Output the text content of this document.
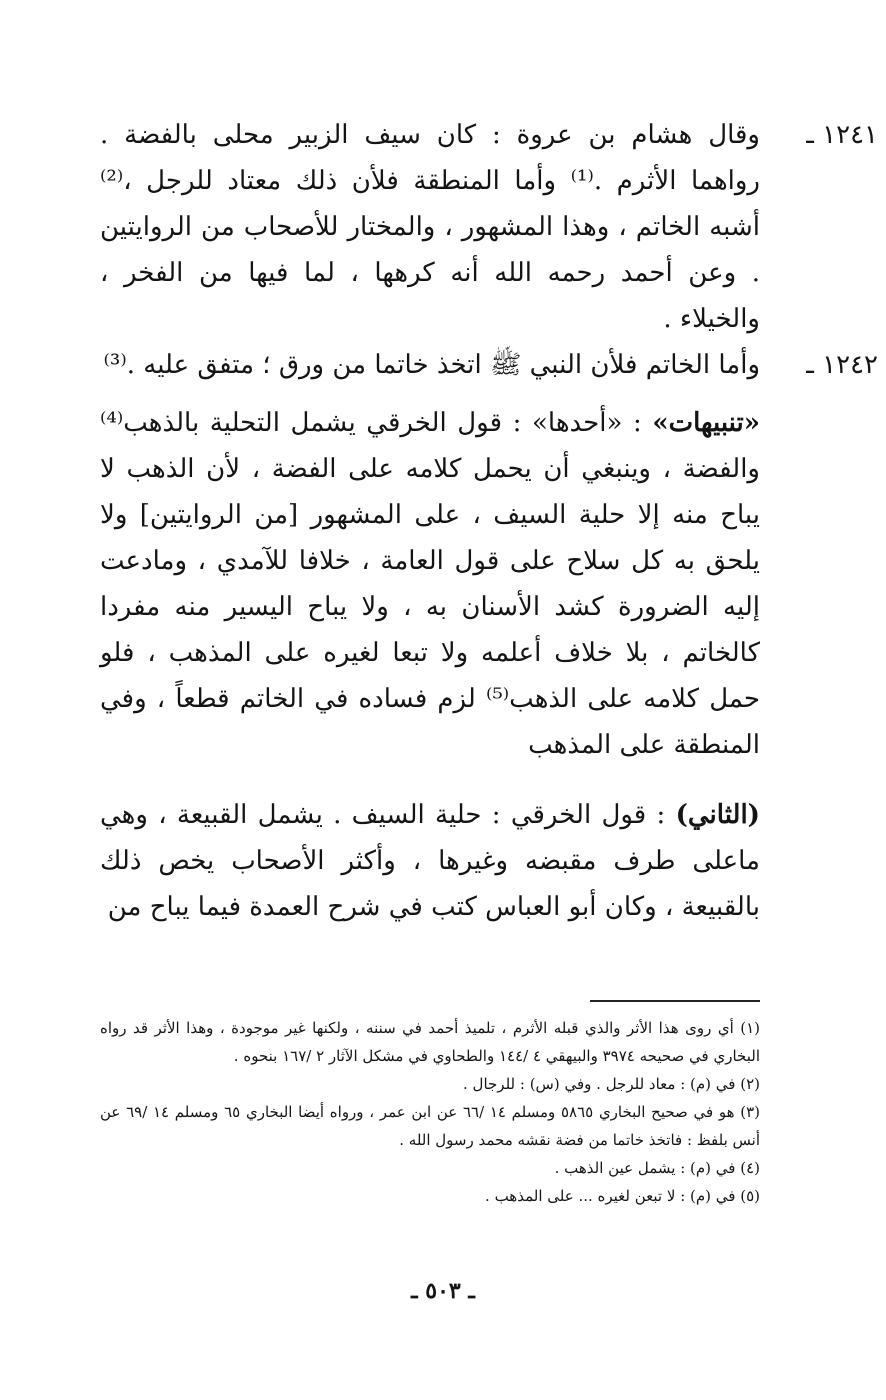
١٢٤١ ـ
وقال هشام بن عروة : كان سيف الزبير محلى بالفضة . رواهما الأثرم .⁽¹⁾ وأما المنطقة فلأن ذلك معتاد للرجل ،⁽²⁾ أشبه الخاتم ، وهذا المشهور ، والمختار للأصحاب من الروايتين . وعن أحمد رحمه الله أنه كرهها ، لما فيها من الفخر ، والخيلاء .

١٢٤٢ ـ
وأما الخاتم فلأن النبي ﷺ اتخذ خاتما من ورق ؛ متفق عليه .⁽³⁾

«تنبيهات» : «أحدها» : قول الخرقي يشمل التحلية بالذهب⁽⁴⁾ والفضة ، وينبغي أن يحمل كلامه على الفضة ، لأن الذهب لا يباح منه إلا حلية السيف ، على المشهور [من الروايتين] ولا يلحق به كل سلاح على قول العامة ، خلافا للآمدي ، ومادعت إليه الضرورة كشد الأسنان به ، ولا يباح اليسير منه مفردا كالخاتم ، بلا خلاف أعلمه ولا تبعا لغيره على المذهب ، فلو حمل كلامه على الذهب⁽⁵⁾ لزم فساده في الخاتم قطعاً ، وفي المنطقة على المذهب

(الثاني) : قول الخرقي : حلية السيف . يشمل القبيعة ، وهي ماعلى طرف مقبضه وغيرها ، وأكثر الأصحاب يخص ذلك بالقبيعة ، وكان أبو العباس كتب في شرح العمدة فيما يباح من

(١) أي روى هذا الأثر والذي قبله الأثرم ، تلميذ أحمد في سننه ، ولكنها غير موجودة ، وهذا الأثر قد رواه البخاري في صحيحه ٣٩٧٤ والبيهقي ٤ /١٤٤ والطحاوي في مشكل الآثار ٢ /١٦٧ بنحوه .

(٢) في (م) : معاد للرجل . وفي (س) : للرجال .

(٣) هو في صحيح البخاري ٥٨٦٥ ومسلم ١٤ /٦٦ عن ابن عمر ، ورواه أيضا البخاري ٦٥ ومسلم ١٤ /٦٩ عن أنس بلفظ : فاتخذ خاتما من فضة نقشه محمد رسول الله .

(٤) في (م) : يشمل عين الذهب .

(٥) في (م) : لا تبعن لغيره ... على المذهب .

ـ ٥٠٣ ـ
